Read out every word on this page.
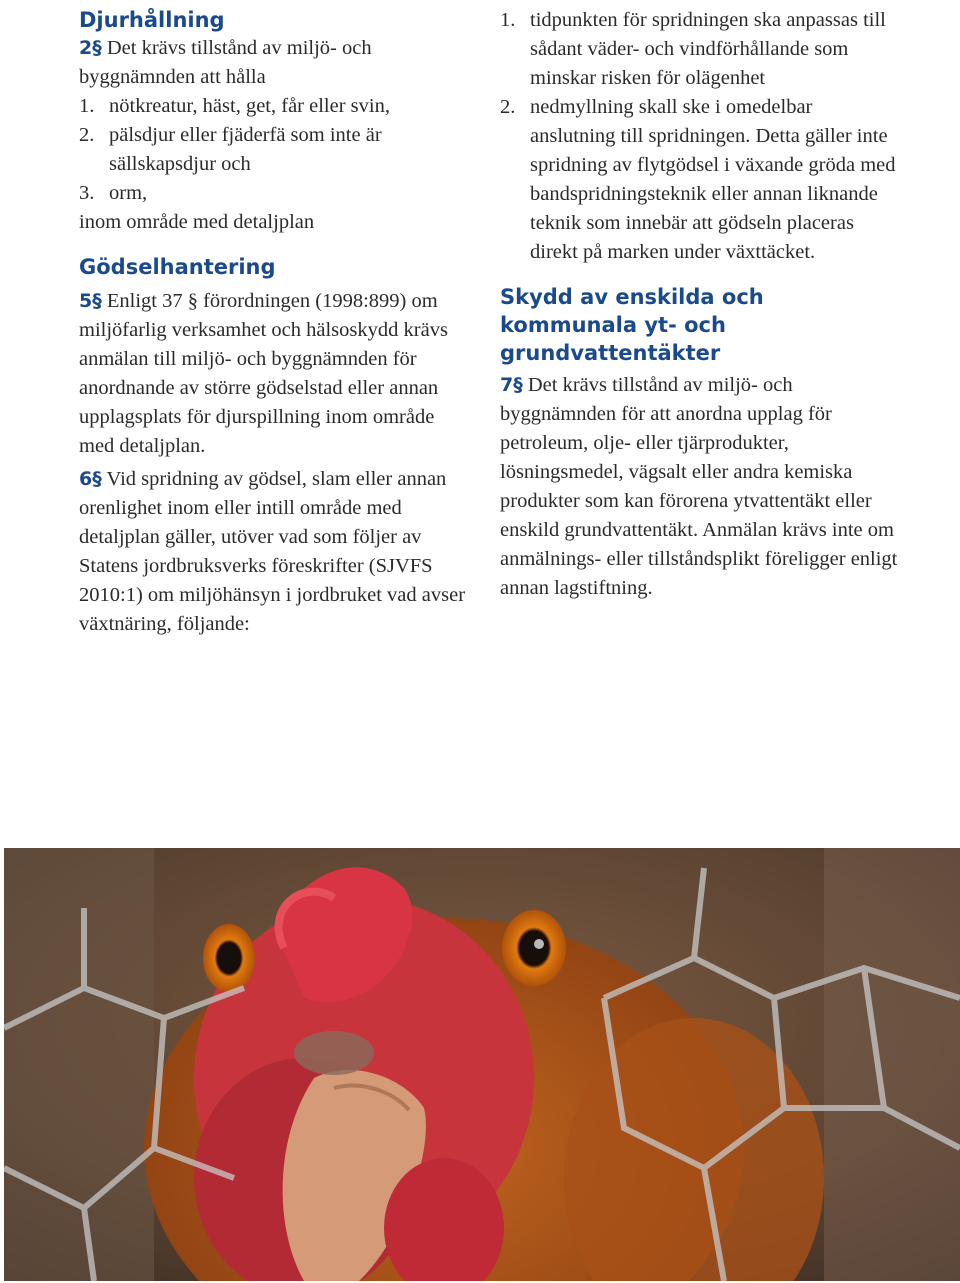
Djurhållning

2§ Det krävs tillstånd av miljö- och byggnämnden att hålla

1. nötkreatur, häst, get, får eller svin,
2. pälsdjur eller fjäderfä som inte är sällskapsdjur och
3. orm,

inom område med detaljplan

Gödselhantering

5§ Enligt 37 § förordningen (1998:899) om miljöfarlig verksamhet och hälsoskydd krävs anmälan till miljö- och byggnämnden för anordnande av större gödselstad eller annan upplagsplats för djurspillning inom område med detaljplan.

6§ Vid spridning av gödsel, slam eller annan orenlighet inom eller intill område med detaljplan gäller, utöver vad som följer av Statens jordbruksverks föreskrifter (SJVFS 2010:1) om miljöhänsyn i jordbruket vad avser växtnäring, följande:

1. tidpunkten för spridningen ska anpassas till sådant väder- och vindförhållande som minskar risken för olägenhet
2. nedmyllning skall ske i omedelbar anslutning till spridningen. Detta gäller inte spridning av flytgödsel i växande gröda med bandspridningsteknik eller annan liknande teknik som innebär att gödseln placeras direkt på marken under växttäcket.
Skydd av enskilda och kommunala yt- och grundvattentäkter

7§ Det krävs tillstånd av miljö- och byggnämnden för att anordna upplag för petroleum, olje- eller tjärprodukter, lösningsmedel, vägsalt eller andra kemiska produkter som kan förorena ytvattentäkt eller enskild grundvattentäkt. Anmälan krävs inte om anmälnings- eller tillståndsplikt föreligger enligt annan lagstiftning.
